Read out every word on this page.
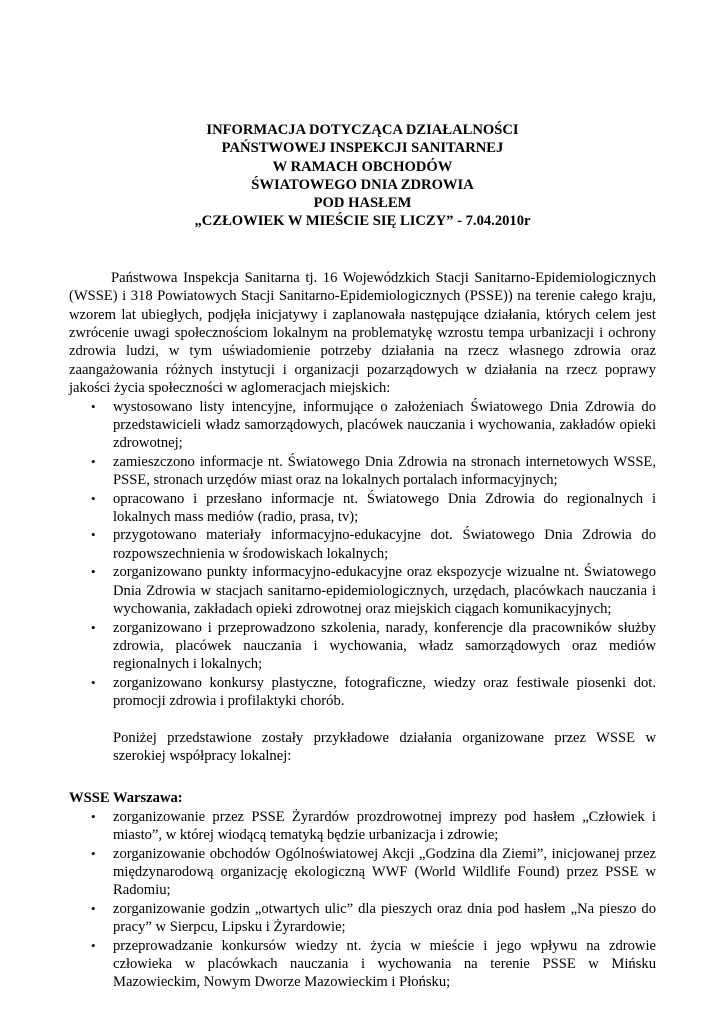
INFORMACJA DOTYCZĄCA DZIAŁALNOŚCI
PAŃSTWOWEJ INSPEKCJI SANITARNEJ
W RAMACH OBCHODÓW
ŚWIATOWEGO DNIA ZDROWIA
POD HASŁEM
„CZŁOWIEK W MIEŚCIE SIĘ LICZY” - 7.04.2010r

Państwowa Inspekcja Sanitarna tj. 16 Wojewódzkich Stacji Sanitarno-Epidemiologicznych (WSSE) i 318 Powiatowych Stacji Sanitarno-Epidemiologicznych (PSSE)) na terenie całego kraju, wzorem lat ubiegłych, podjęła inicjatywy i zaplanowała następujące działania, których celem jest zwrócenie uwagi społecznościom lokalnym na problematykę wzrostu tempa urbanizacji i ochrony zdrowia ludzi, w tym uświadomienie potrzeby działania na rzecz własnego zdrowia oraz zaangażowania różnych instytucji i organizacji pozarządowych w działania na rzecz poprawy jakości życia społeczności w aglomeracjach miejskich:

• wystosowano listy intencyjne, informujące o założeniach Światowego Dnia Zdrowia do przedstawicieli władz samorządowych, placówek nauczania i wychowania, zakładów opieki zdrowotnej;
• zamieszczono informacje nt. Światowego Dnia Zdrowia na stronach internetowych WSSE, PSSE, stronach urzędów miast oraz na lokalnych portalach informacyjnych;
• opracowano i przesłano informacje nt. Światowego Dnia Zdrowia do regionalnych i lokalnych mass mediów (radio, prasa, tv);
• przygotowano materiały informacyjno-edukacyjne dot. Światowego Dnia Zdrowia do rozpowszechnienia w środowiskach lokalnych;
• zorganizowano punkty informacyjno-edukacyjne oraz ekspozycje wizualne nt. Światowego Dnia Zdrowia w stacjach sanitarno-epidemiologicznych, urzędach, placówkach nauczania i wychowania, zakładach opieki zdrowotnej oraz miejskich ciągach komunikacyjnych;
• zorganizowano i przeprowadzono szkolenia, narady, konferencje dla pracowników służby zdrowia, placówek nauczania i wychowania, władz samorządowych oraz mediów regionalnych i lokalnych;
• zorganizowano konkursy plastyczne, fotograficzne, wiedzy oraz festiwale piosenki dot. promocji zdrowia i profilaktyki chorób.

Poniżej przedstawione zostały przykładowe działania organizowane przez WSSE w szerokiej współpracy lokalnej:

WSSE Warszawa:

• zorganizowanie przez PSSE Żyrardów prozdrowotnej imprezy pod hasłem „Człowiek i miasto”, w której wiodącą tematyką będzie urbanizacja i zdrowie;
• zorganizowanie obchodów Ogólnoświatowej Akcji „Godzina dla Ziemi”, inicjowanej przez międzynarodową organizację ekologiczną WWF (World Wildlife Found) przez PSSE w Radomiu;
• zorganizowanie godzin „otwartych ulic” dla pieszych oraz dnia pod hasłem „Na pieszo do pracy” w Sierpcu, Lipsku i Żyrardowie;
• przeprowadzanie konkursów wiedzy nt. życia w mieście i jego wpływu na zdrowie człowieka w placówkach nauczania i wychowania na terenie PSSE w Mińsku Mazowieckim, Nowym Dworze Mazowieckim i Płońsku;
